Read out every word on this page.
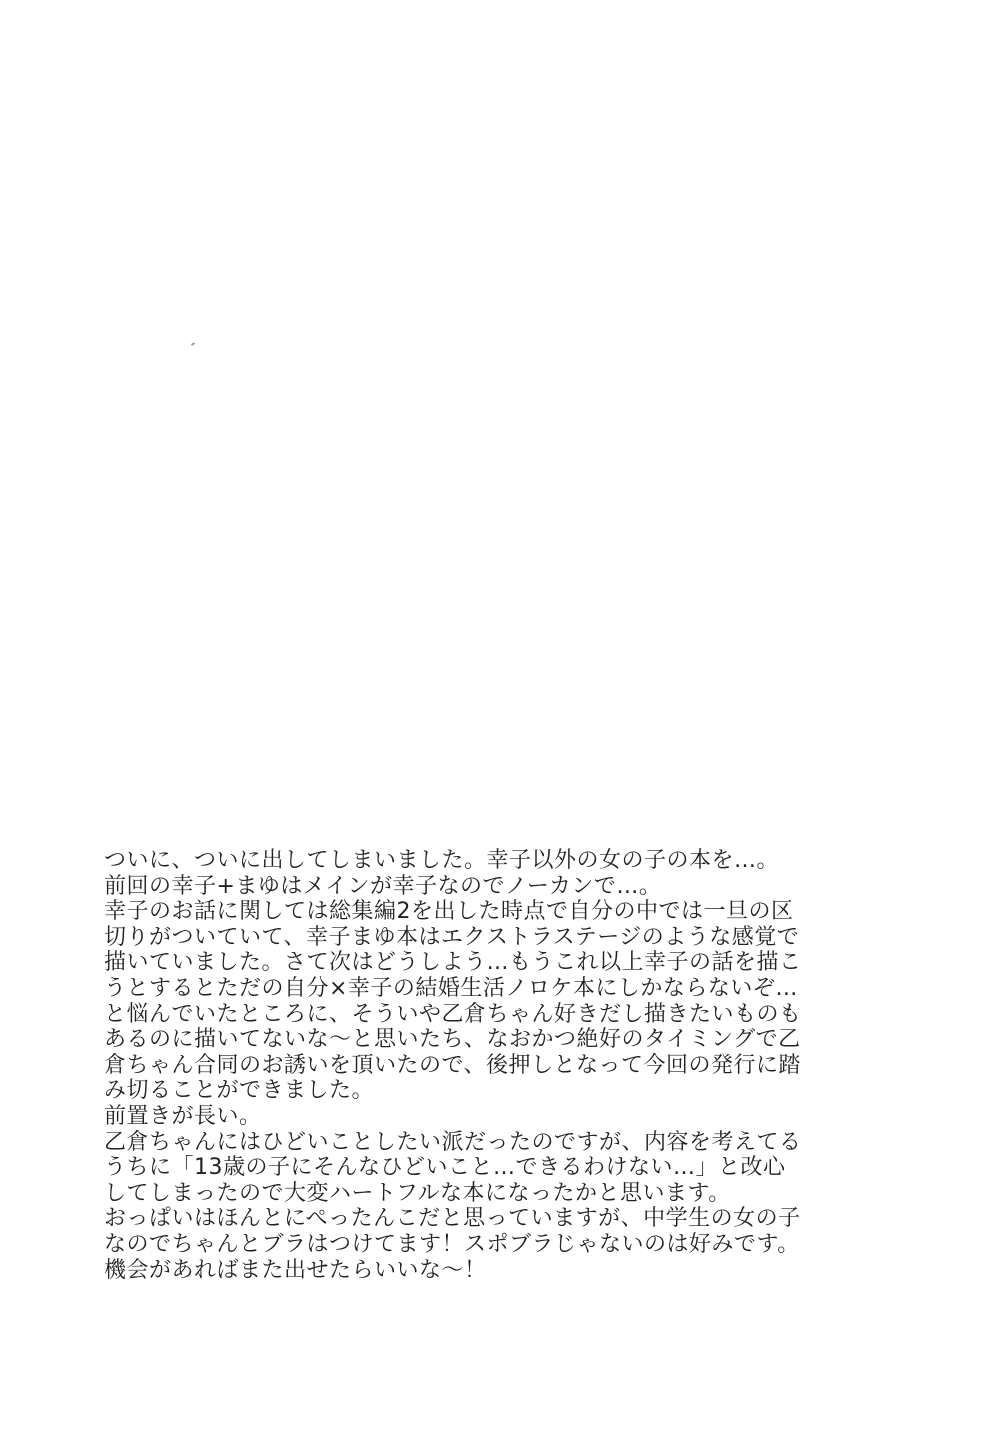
ついに、ついに出してしまいました。幸子以外の女の子の本を…。
前回の幸子+まゆはメインが幸子なのでノーカンで…。
幸子のお話に関しては総集編2を出した時点で自分の中では一旦の区
切りがついていて、幸子まゆ本はエクストラステージのような感覚で
描いていました。さて次はどうしよう…もうこれ以上幸子の話を描こ
うとするとただの自分×幸子の結婚生活ノロケ本にしかならないぞ…
と悩んでいたところに、そういや乙倉ちゃん好きだし描きたいものも
あるのに描いてないな～と思いたち、なおかつ絶好のタイミングで乙
倉ちゃん合同のお誘いを頂いたので、後押しとなって今回の発行に踏
み切ることができました。
前置きが長い。
乙倉ちゃんにはひどいことしたい派だったのですが、内容を考えてる
うちに「13歳の子にそんなひどいこと…できるわけない…」と改心
してしまったので大変ハートフルな本になったかと思います。
おっぱいはほんとにぺったんこだと思っていますが、中学生の女の子
なのでちゃんとブラはつけてます！スポブラじゃないのは好みです。
機会があればまた出せたらいいな～！
